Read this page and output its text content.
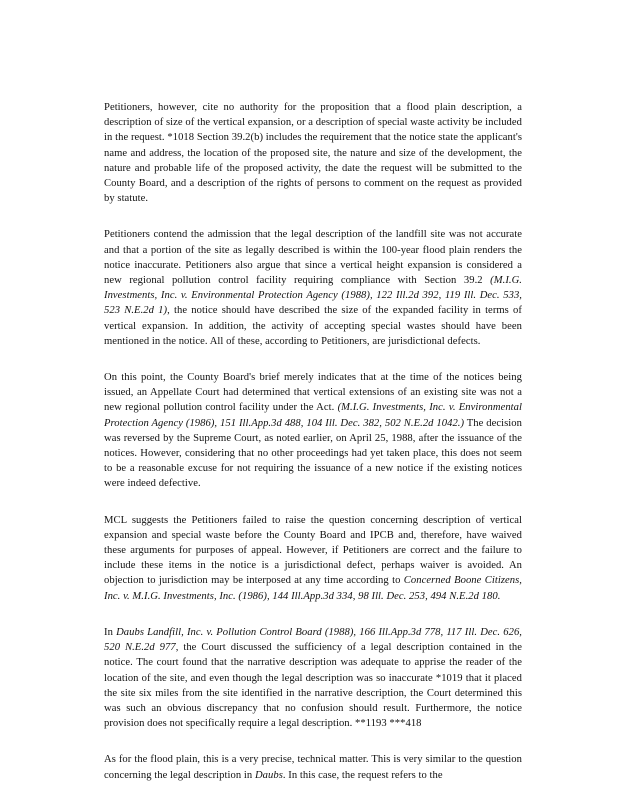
Petitioners, however, cite no authority for the proposition that a flood plain description, a description of size of the vertical expansion, or a description of special waste activity be included in the request. *1018 Section 39.2(b) includes the requirement that the notice state the applicant's name and address, the location of the proposed site, the nature and size of the development, the nature and probable life of the proposed activity, the date the request will be submitted to the County Board, and a description of the rights of persons to comment on the request as provided by statute.

Petitioners contend the admission that the legal description of the landfill site was not accurate and that a portion of the site as legally described is within the 100-year flood plain renders the notice inaccurate. Petitioners also argue that since a vertical height expansion is considered a new regional pollution control facility requiring compliance with Section 39.2 (M.I.G. Investments, Inc. v. Environmental Protection Agency (1988), 122 Ill.2d 392, 119 Ill. Dec. 533, 523 N.E.2d 1), the notice should have described the size of the expanded facility in terms of vertical expansion. In addition, the activity of accepting special wastes should have been mentioned in the notice. All of these, according to Petitioners, are jurisdictional defects.

On this point, the County Board's brief merely indicates that at the time of the notices being issued, an Appellate Court had determined that vertical extensions of an existing site was not a new regional pollution control facility under the Act. (M.I.G. Investments, Inc. v. Environmental Protection Agency (1986), 151 Ill.App.3d 488, 104 Ill. Dec. 382, 502 N.E.2d 1042.) The decision was reversed by the Supreme Court, as noted earlier, on April 25, 1988, after the issuance of the notices. However, considering that no other proceedings had yet taken place, this does not seem to be a reasonable excuse for not requiring the issuance of a new notice if the existing notices were indeed defective.

MCL suggests the Petitioners failed to raise the question concerning description of vertical expansion and special waste before the County Board and IPCB and, therefore, have waived these arguments for purposes of appeal. However, if Petitioners are correct and the failure to include these items in the notice is a jurisdictional defect, perhaps waiver is avoided. An objection to jurisdiction may be interposed at any time according to Concerned Boone Citizens, Inc. v. M.I.G. Investments, Inc. (1986), 144 Ill.App.3d 334, 98 Ill. Dec. 253, 494 N.E.2d 180.

In Daubs Landfill, Inc. v. Pollution Control Board (1988), 166 Ill.App.3d 778, 117 Ill. Dec. 626, 520 N.E.2d 977, the Court discussed the sufficiency of a legal description contained in the notice. The court found that the narrative description was adequate to apprise the reader of the location of the site, and even though the legal description was so inaccurate *1019 that it placed the site six miles from the site identified in the narrative description, the Court determined this was such an obvious discrepancy that no confusion should result. Furthermore, the notice provision does not specifically require a legal description. **1193 ***418

As for the flood plain, this is a very precise, technical matter. This is very similar to the question concerning the legal description in Daubs. In this case, the request refers to the
